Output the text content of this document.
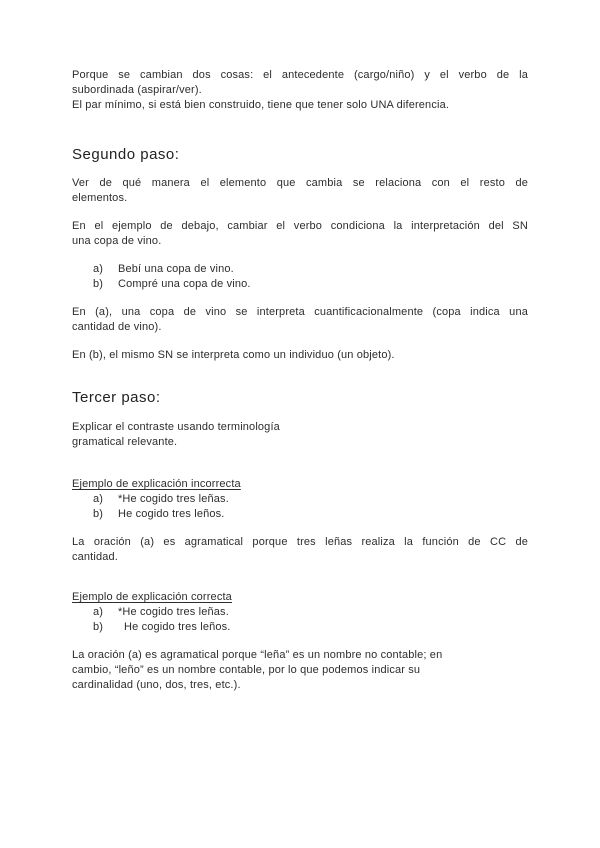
Porque se cambian dos cosas: el antecedente (cargo/niño) y el verbo de la
subordinada (aspirar/ver).
El par mínimo, si está bien construido, tiene que tener solo UNA diferencia.
Segundo paso:
Ver de qué manera el elemento que cambia se relaciona con el resto de
elementos.
En el ejemplo de debajo, cambiar el verbo condiciona la interpretación del SN
una copa de vino.
a)	Bebí una copa de vino.
b)	Compré una copa de vino.
En (a), una copa de vino se interpreta cuantificacionalmente (copa indica una
cantidad de vino).
En (b), el mismo SN se interpreta como un individuo (un objeto).
Tercer paso:
Explicar el contraste usando terminología
gramatical relevante.
Ejemplo de explicación incorrecta
a)	*He cogido tres leñas.
b)	He cogido tres leños.
La oración (a) es agramatical porque tres leñas realiza la función de CC de
cantidad.
Ejemplo de explicación correcta
a)	*He cogido tres leñas.
b)	He cogido tres leños.
La oración (a) es agramatical porque “leña” es un nombre no contable; en
cambio, “leño” es un nombre contable, por lo que podemos indicar su
cardinalidad (uno, dos, tres, etc.).
